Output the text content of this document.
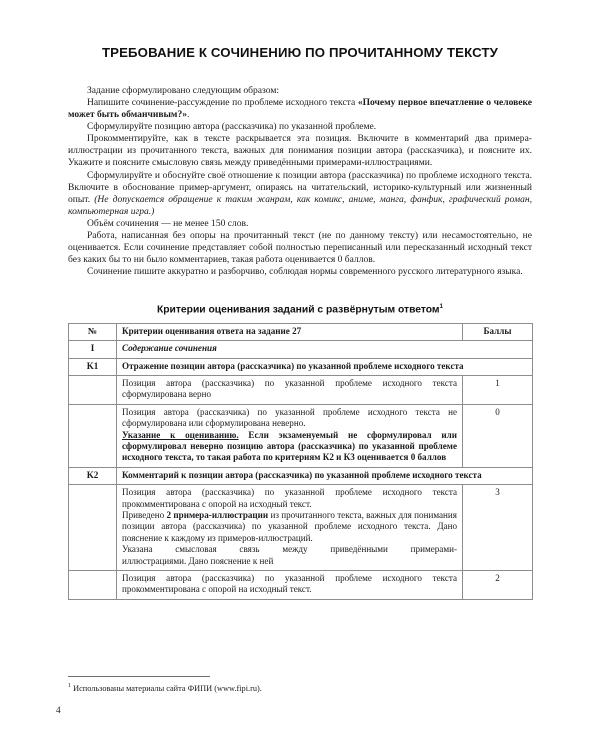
ТРЕБОВАНИЕ К СОЧИНЕНИЮ ПО ПРОЧИТАННОМУ ТЕКСТУ

Задание сформулировано следующим образом:

Напишите сочинение-рассуждение по проблеме исходного текста «Почему первое впечатление о человеке может быть обманчивым?».

Сформулируйте позицию автора (рассказчика) по указанной проблеме.

Прокомментируйте, как в тексте раскрывается эта позиция. Включите в комментарий два примера-иллюстрации из прочитанного текста, важных для понимания позиции автора (рассказчика), и поясните их. Укажите и поясните смысловую связь между приведёнными примерами-иллюстрациями.

Сформулируйте и обоснуйте своё отношение к позиции автора (рассказчика) по проблеме исходного текста. Включите в обоснование пример-аргумент, опираясь на читательский, историко-культурный или жизненный опыт. (Не допускается обращение к таким жанрам, как комикс, аниме, манга, фанфик, графический роман, компьютерная игра.)

Объём сочинения — не менее 150 слов.

Работа, написанная без опоры на прочитанный текст (не по данному тексту) или несамостоятельно, не оценивается. Если сочинение представляет собой полностью переписанный или пересказанный исходный текст без каких бы то ни было комментариев, такая работа оценивается 0 баллов.

Сочинение пишите аккуратно и разборчиво, соблюдая нормы современного русского литературного языка.

Критерии оценивания заданий с развёрнутым ответом$^1$
№	Критерии оценивания ответа на задание 27	Баллы
I	Содержание сочинения	
K1	Отражение позиции автора (рассказчика) по указанной проблеме исходного текста	
	Позиция автора (рассказчика) по указанной проблеме исходного текста сформулирована верно	1
	Позиция автора (рассказчика) по указанной проблеме исходного текста не сформулирована или сформулирована неверно.
Указание к оцениванию. Если экзаменуемый не сформулировал или сформулировал неверно позицию автора (рассказчика) по указанной проблеме исходного текста, то такая работа по критериям К2 и К3 оценивается 0 баллов	0
K2	Комментарий к позиции автора (рассказчика) по указанной проблеме исходного текста	
	Позиция автора (рассказчика) по указанной проблеме исходного текста прокомментирована с опорой на исходный текст.
Приведено 2 примера-иллюстрации из прочитанного текста, важных для понимания позиции автора (рассказчика) по указанной проблеме исходного текста. Дано пояснение к каждому из примеров-иллюстраций.

Указана смысловая связь между приведёнными примерами-
иллюстрациями. Дано пояснение к ней	3
	Позиция автора (рассказчика) по указанной проблеме исходного текста прокомментирована с опорой на исходный текст.	2

$^1$ Использованы материалы сайта ФИПИ (www.fipi.ru).

4
